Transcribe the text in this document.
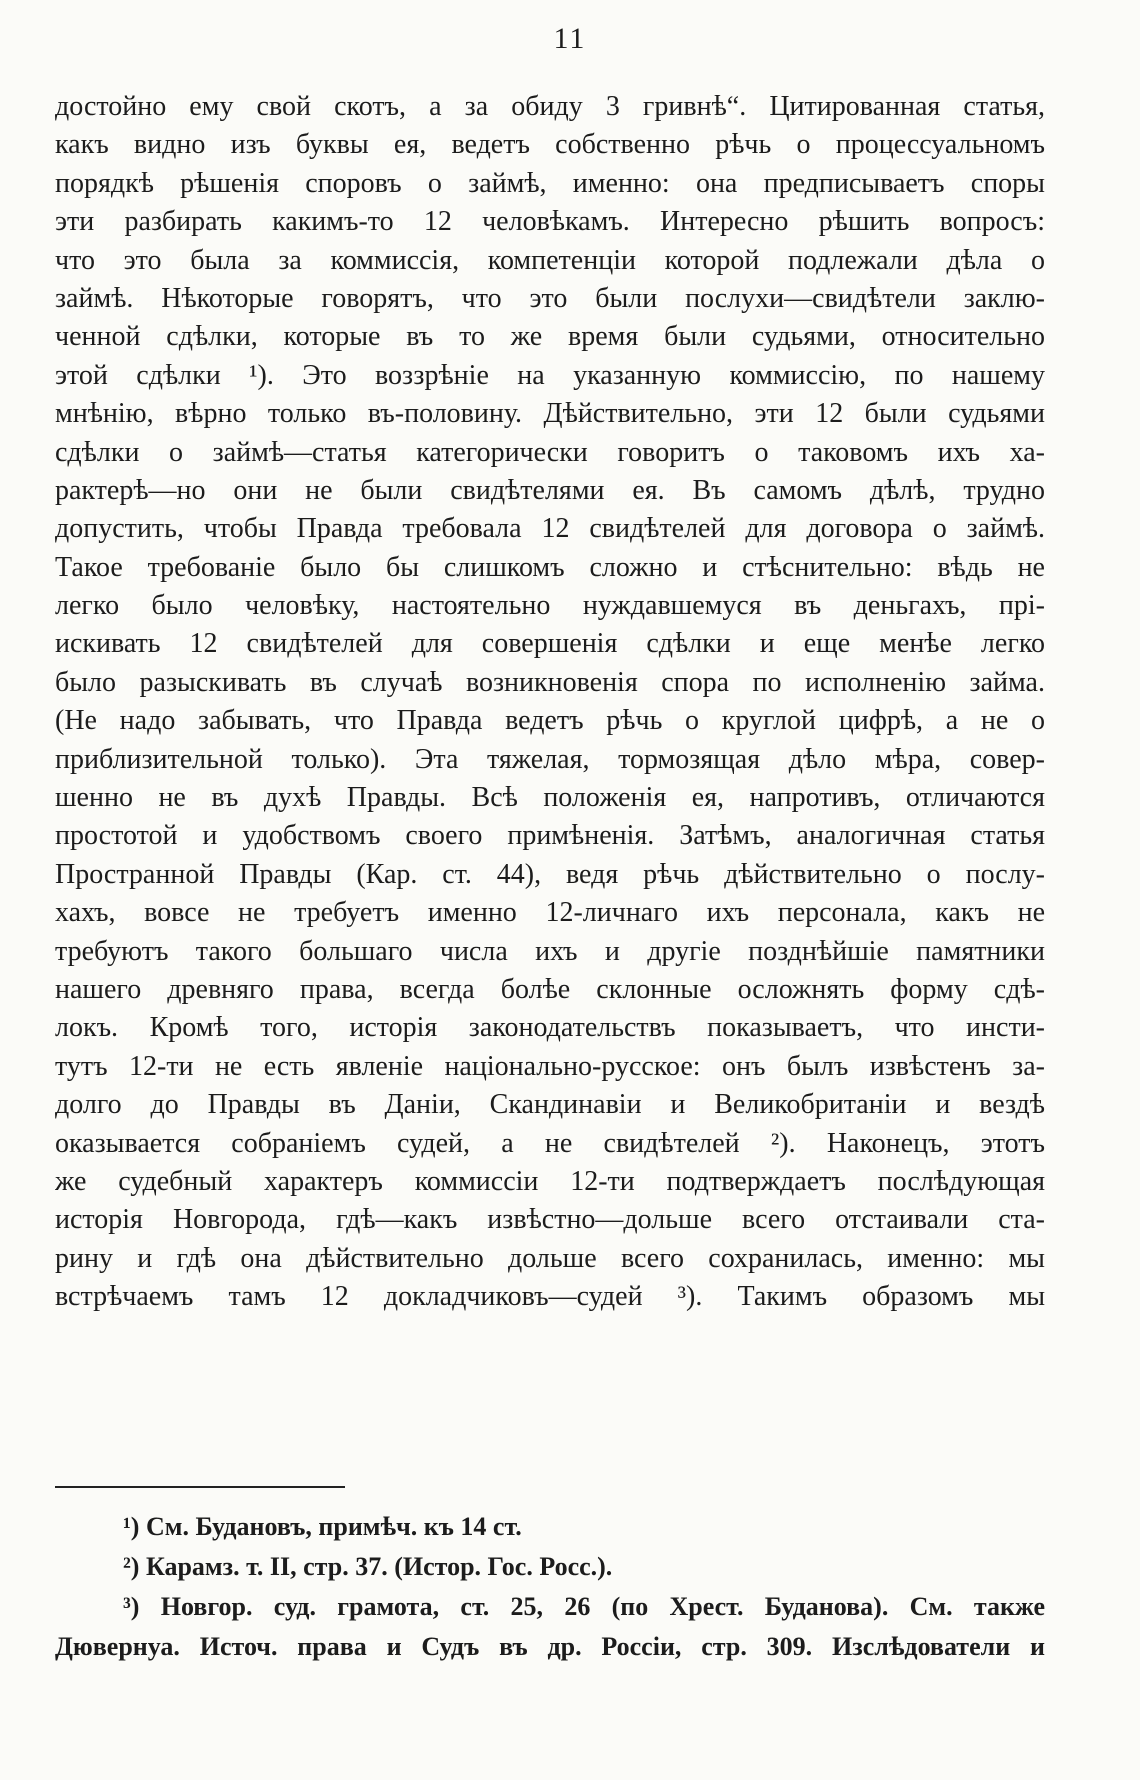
11
достойно ему свой скотъ, а за обиду 3 гривнѣ“. Цитированная статья,
какъ видно изъ буквы ея, ведетъ собственно рѣчь о процессуальномъ
порядкѣ рѣшенія споровъ о займѣ, именно: она предписываетъ споры
эти разбирать какимъ-то 12 человѣкамъ. Интересно рѣшить вопросъ:
что это была за коммиссія, компетенціи которой подлежали дѣла о
займѣ. Нѣкоторые говорятъ, что это были послухи—свидѣтели заклю-
ченной сдѣлки, которые въ то же время были судьями, относительно
этой сдѣлки ¹). Это воззрѣніе на указанную коммиссію, по нашему
мнѣнію, вѣрно только въ-половину. Дѣйствительно, эти 12 были судьями
сдѣлки о займѣ—статья категорически говоритъ о таковомъ ихъ ха-
рактерѣ—но они не были свидѣтелями ея. Въ самомъ дѣлѣ, трудно
допустить, чтобы Правда требовала 12 свидѣтелей для договора о займѣ.
Такое требованіе было бы слишкомъ сложно и стѣснительно: вѣдь не
легко было человѣку, настоятельно нуждавшемуся въ деньгахъ, прі-
искивать 12 свидѣтелей для совершенія сдѣлки и еще менѣе легко
было разыскивать въ случаѣ возникновенія спора по исполненію займа.
(Не надо забывать, что Правда ведетъ рѣчь о круглой цифрѣ, а не о
приблизительной только). Эта тяжелая, тормозящая дѣло мѣра, совер-
шенно не въ духѣ Правды. Всѣ положенія ея, напротивъ, отличаются
простотой и удобствомъ своего примѣненія. Затѣмъ, аналогичная статья
Пространной Правды (Кар. ст. 44), ведя рѣчь дѣйствительно о послу-
хахъ, вовсе не требуетъ именно 12-личнаго ихъ персонала, какъ не
требуютъ такого большаго числа ихъ и другіе позднѣйшіе памятники
нашего древняго права, всегда болѣе склонные осложнять форму сдѣ-
локъ. Кромѣ того, исторія законодательствъ показываетъ, что инсти-
тутъ 12-ти не есть явленіе національно-русское: онъ былъ извѣстенъ за-
долго до Правды въ Даніи, Скандинавіи и Великобританіи и вездѣ
оказывается собраніемъ судей, а не свидѣтелей ²). Наконецъ, этотъ
же судебный характеръ коммиссіи 12-ти подтверждаетъ послѣдующая
исторія Новгорода, гдѣ—какъ извѣстно—дольше всего отстаивали ста-
рину и гдѣ она дѣйствительно дольше всего сохранилась, именно: мы
встрѣчаемъ тамъ 12 докладчиковъ—судей ³). Такимъ образомъ мы
¹) См. Будановъ, примѣч. къ 14 ст.
²) Карамз. т. II, стр. 37. (Истор. Гос. Росс.).
³) Новгор. суд. грамота, ст. 25, 26 (по Хрест. Буданова). См. также
Дювернуа. Источ. права и Судъ въ др. Россіи, стр. 309. Изслѣдователи и
